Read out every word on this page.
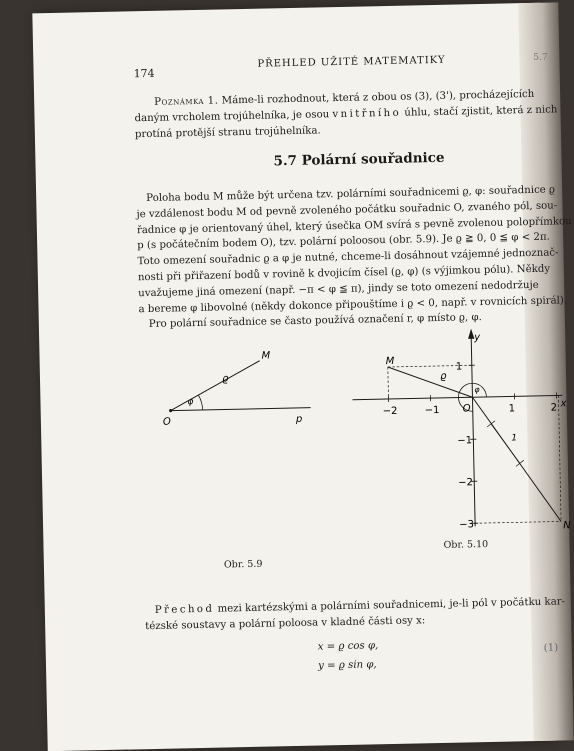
174
PŘEHLED UŽITÉ MATEMATIKY	5.7
Poznámka 1. Máme-li rozhodnout, která z obou os (3), (3'), procházejících
daným vrcholem trojúhelníka, je osou vnitřního úhlu, stačí zjistit, která z nich
protíná protější stranu trojúhelníka.
5.7 Polární souřadnice
Poloha bodu M může být určena tzv. polárními souřadnicemi ϱ, φ: souřadnice ϱ
je vzdálenost bodu M od pevně zvoleného počátku souřadnic O, zvaného pól, sou-
řadnice φ je orientovaný úhel, který úsečka OM svírá s pevně zvolenou polopřímkou
p (s počátečním bodem O), tzv. polární poloosou (obr. 5.9). Je ϱ ≧ 0, 0 ≦ φ < 2π.
Toto omezení souřadnic ϱ a φ je nutné, chceme-li dosáhnout vzájemné jednoznač-
nosti při přiřazení bodů v rovině k dvojicím čísel (ϱ, φ) (s výjimkou pólu). Někdy
uvažujeme jiná omezení (např. −π < φ ≦ π), jindy se toto omezení nedodržuje
a bereme φ libovolné (někdy dokonce připouštíme i ϱ < 0, např. v rovnicích spirál).
Pro polární souřadnice se často používá označení r, φ místo ϱ, φ.
M
ϱ
φ
O	p
Obr. 5.9
−2	−1	1	2
1
−1
−2
−3
y
x
M
N
O
ϱ
φ
1
Obr. 5.10
Přechod mezi kartézskými a polárními souřadnicemi, je-li pól v počátku kar-
tézské soustavy a polární poloosa v kladné části osy x:
x = ϱ cos φ,
y = ϱ sin φ,
(1)
